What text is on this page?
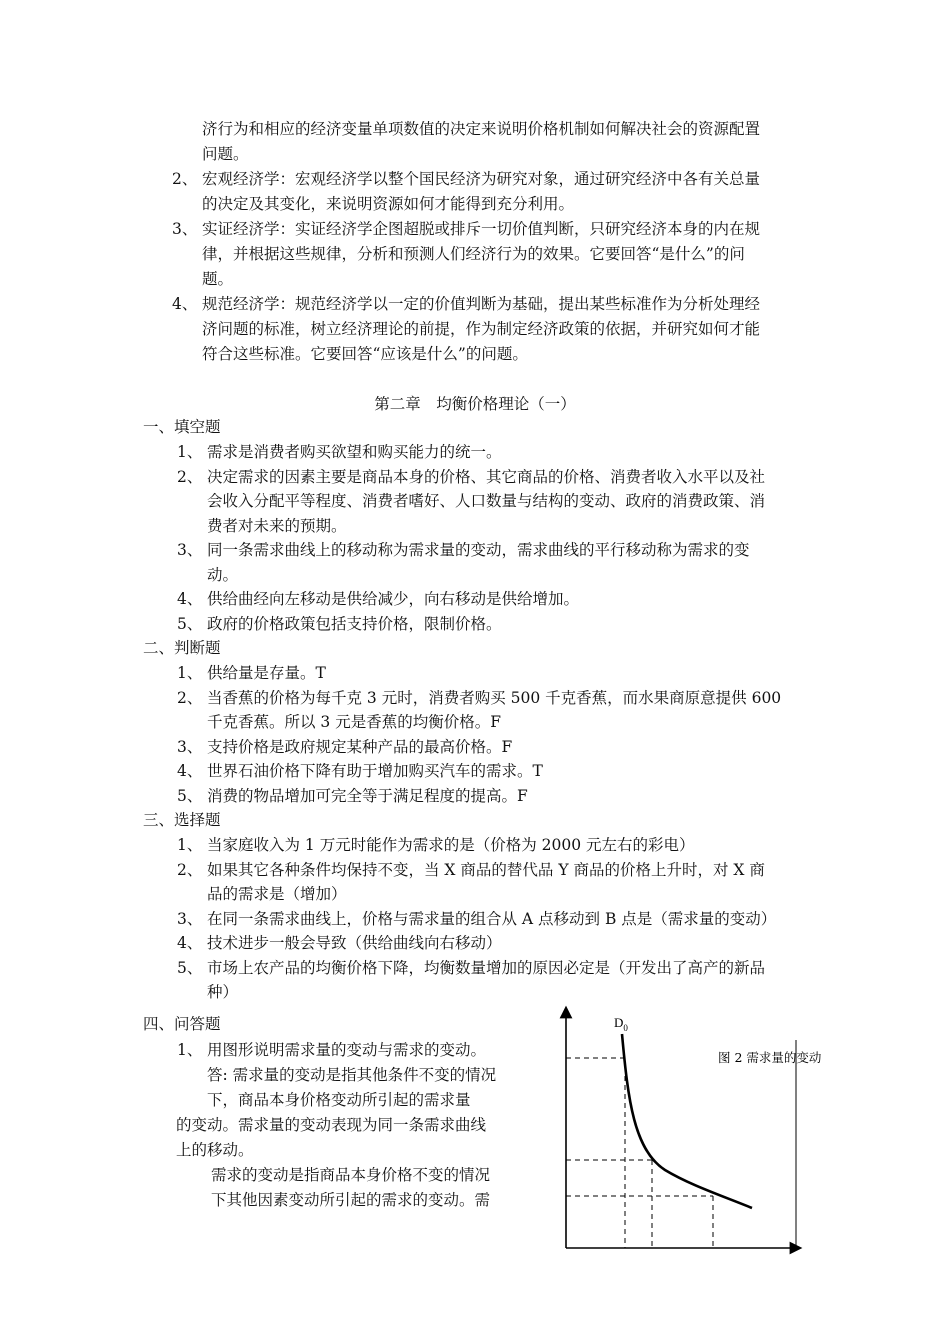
济行为和相应的经济变量单项数值的决定来说明价格机制如何解决社会的资源配置
问题。
2、 宏观经济学：宏观经济学以整个国民经济为研究对象，通过研究经济中各有关总量
的决定及其变化，来说明资源如何才能得到充分利用。
3、 实证经济学：实证经济学企图超脱或排斥一切价值判断，只研究经济本身的内在规
律，并根据这些规律，分析和预测人们经济行为的效果。它要回答“是什么”的问
题。
4、 规范经济学：规范经济学以一定的价值判断为基础，提出某些标准作为分析处理经
济问题的标准，树立经济理论的前提，作为制定经济政策的依据，并研究如何才能
符合这些标准。它要回答“应该是什么”的问题。
第二章　均衡价格理论（一）
一、填空题
1、 需求是消费者购买欲望和购买能力的统一。
2、 决定需求的因素主要是商品本身的价格、其它商品的价格、消费者收入水平以及社
会收入分配平等程度、消费者嗜好、人口数量与结构的变动、政府的消费政策、消
费者对未来的预期。
3、 同一条需求曲线上的移动称为需求量的变动，需求曲线的平行移动称为需求的变
动。
4、 供给曲经向左移动是供给减少，向右移动是供给增加。
5、 政府的价格政策包括支持价格，限制价格。
二、判断题
1、 供给量是存量。T
2、 当香蕉的价格为每千克 3 元时，消费者购买 500 千克香蕉，而水果商原意提供 600
千克香蕉。所以 3 元是香蕉的均衡价格。F
3、 支持价格是政府规定某种产品的最高价格。F
4、 世界石油价格下降有助于增加购买汽车的需求。T
5、 消费的物品增加可完全等于满足程度的提高。F
三、选择题
1、 当家庭收入为 1 万元时能作为需求的是（价格为 2000 元左右的彩电）
2、 如果其它各种条件均保持不变，当 X 商品的替代品 Y 商品的价格上升时，对 X 商
品的需求是（增加）
3、 在同一条需求曲线上，价格与需求量的组合从 A 点移动到 B 点是（需求量的变动）
4、 技术进步一般会导致（供给曲线向右移动）
5、 市场上农产品的均衡价格下降，均衡数量增加的原因必定是（开发出了高产的新品
种）
四、问答题
1、 用图形说明需求量的变动与需求的变动。
答: 需求量的变动是指其他条件不变的情况
下，商品本身价格变动所引起的需求量
的变动。需求量的变动表现为同一条需求曲线
上的移动。
需求的变动是指商品本身价格不变的情况
下其他因素变动所引起的需求的变动。需
$D_0$
图 2 需求量的变动
